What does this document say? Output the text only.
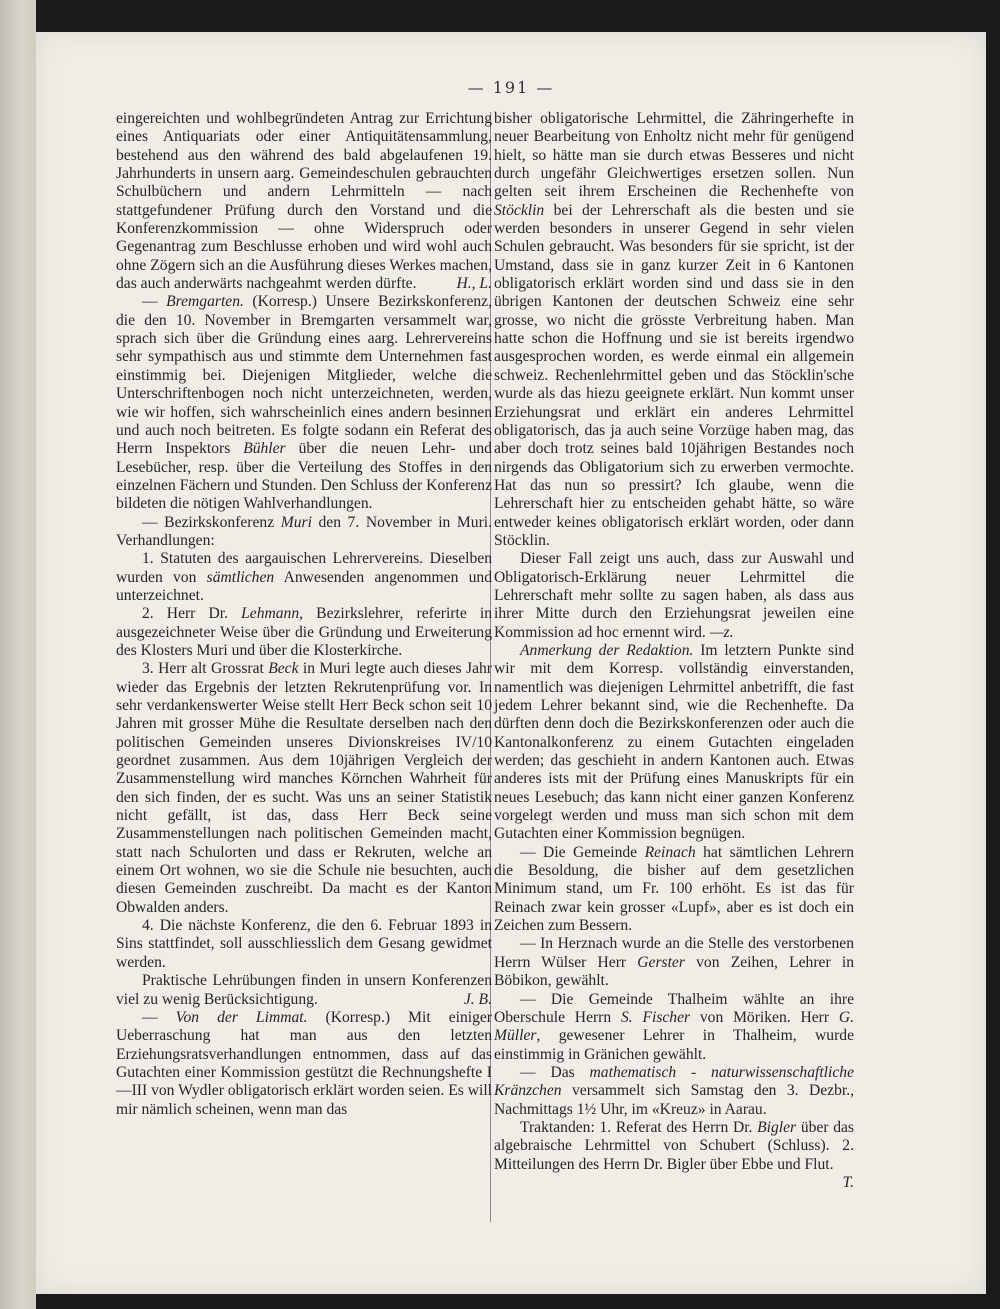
— 191 —

eingereichten und wohlbegründeten Antrag zur Errichtung eines Antiquariats oder einer Antiquitätensammlung, bestehend aus den während des bald abgelaufenen 19. Jahrhunderts in unsern aarg. Gemeindeschulen gebrauchten Schulbüchern und andern Lehrmitteln — nach stattgefundener Prüfung durch den Vorstand und die Konferenzkommission — ohne Widerspruch oder Gegenantrag zum Beschlusse erhoben und wird wohl auch ohne Zögern sich an die Ausführung dieses Werkes machen, das auch anderwärts nachgeahmt werden dürfte.	H., L.

— Bremgarten. (Korresp.) Unsere Bezirkskonferenz, die den 10. November in Bremgarten versammelt war, sprach sich über die Gründung eines aarg. Lehrervereins sehr sympathisch aus und stimmte dem Unternehmen fast einstimmig bei. Diejenigen Mitglieder, welche die Unterschriftenbogen noch nicht unterzeichneten, werden, wie wir hoffen, sich wahrscheinlich eines andern besinnen und auch noch beitreten. Es folgte sodann ein Referat des Herrn Inspektors Bühler über die neuen Lehr- und Lesebücher, resp. über die Verteilung des Stoffes in den einzelnen Fächern und Stunden. Den Schluss der Konferenz bildeten die nötigen Wahlverhandlungen.

— Bezirkskonferenz Muri den 7. November in Muri. Verhandlungen:

1. Statuten des aargauischen Lehrervereins. Dieselben wurden von sämtlichen Anwesenden angenommen und unterzeichnet.

2. Herr Dr. Lehmann, Bezirkslehrer, referirte in ausgezeichneter Weise über die Gründung und Erweiterung des Klosters Muri und über die Klosterkirche.

3. Herr alt Grossrat Beck in Muri legte auch dieses Jahr wieder das Ergebnis der letzten Rekrutenprüfung vor. In sehr verdankenswerter Weise stellt Herr Beck schon seit 10 Jahren mit grosser Mühe die Resultate derselben nach den politischen Gemeinden unseres Divionskreises IV/10 geordnet zusammen. Aus dem 10jährigen Vergleich der Zusammenstellung wird manches Körnchen Wahrheit für den sich finden, der es sucht. Was uns an seiner Statistik nicht gefällt, ist das, dass Herr Beck seine Zusammenstellungen nach politischen Gemeinden macht, statt nach Schulorten und dass er Rekruten, welche an einem Ort wohnen, wo sie die Schule nie besuchten, auch diesen Gemeinden zuschreibt. Da macht es der Kanton Obwalden anders.

4. Die nächste Konferenz, die den 6. Februar 1893 in Sins stattfindet, soll ausschliesslich dem Gesang gewidmet werden.

Praktische Lehrübungen finden in unsern Konferenzen viel zu wenig Berücksichtigung.	J. B.

— Von der Limmat. (Korresp.) Mit einiger Ueberraschung hat man aus den letzten Erziehungsratsverhandlungen entnommen, dass auf das Gutachten einer Kommission gestützt die Rechnungshefte I—III von Wydler obligatorisch erklärt worden seien. Es will mir nämlich scheinen, wenn man das

bisher obligatorische Lehrmittel, die Zähringerhefte in neuer Bearbeitung von Enholtz nicht mehr für genügend hielt, so hätte man sie durch etwas Besseres und nicht durch ungefähr Gleichwertiges ersetzen sollen. Nun gelten seit ihrem Erscheinen die Rechenhefte von Stöcklin bei der Lehrerschaft als die besten und sie werden besonders in unserer Gegend in sehr vielen Schulen gebraucht. Was besonders für sie spricht, ist der Umstand, dass sie in ganz kurzer Zeit in 6 Kantonen obligatorisch erklärt worden sind und dass sie in den übrigen Kantonen der deutschen Schweiz eine sehr grosse, wo nicht die grösste Verbreitung haben. Man hatte schon die Hoffnung und sie ist bereits irgendwo ausgesprochen worden, es werde einmal ein allgemein schweiz. Rechenlehrmittel geben und das Stöcklin'sche wurde als das hiezu geeignete erklärt. Nun kommt unser Erziehungsrat und erklärt ein anderes Lehrmittel obligatorisch, das ja auch seine Vorzüge haben mag, das aber doch trotz seines bald 10jährigen Bestandes noch nirgends das Obligatorium sich zu erwerben vermochte. Hat das nun so pressirt? Ich glaube, wenn die Lehrerschaft hier zu entscheiden gehabt hätte, so wäre entweder keines obligatorisch erklärt worden, oder dann Stöcklin.

Dieser Fall zeigt uns auch, dass zur Auswahl und Obligatorisch-Erklärung neuer Lehrmittel die Lehrerschaft mehr sollte zu sagen haben, als dass aus ihrer Mitte durch den Erziehungsrat jeweilen eine Kommission ad hoc ernennt wird. —z.

Anmerkung der Redaktion. Im letztern Punkte sind wir mit dem Korresp. vollständig einverstanden, namentlich was diejenigen Lehrmittel anbetrifft, die fast jedem Lehrer bekannt sind, wie die Rechenhefte. Da dürften denn doch die Bezirkskonferenzen oder auch die Kantonalkonferenz zu einem Gutachten eingeladen werden; das geschieht in andern Kantonen auch. Etwas anderes ists mit der Prüfung eines Manuskripts für ein neues Lesebuch; das kann nicht einer ganzen Konferenz vorgelegt werden und muss man sich schon mit dem Gutachten einer Kommission begnügen.

— Die Gemeinde Reinach hat sämtlichen Lehrern die Besoldung, die bisher auf dem gesetzlichen Minimum stand, um Fr. 100 erhöht. Es ist das für Reinach zwar kein grosser «Lupf», aber es ist doch ein Zeichen zum Bessern.

— In Herznach wurde an die Stelle des verstorbenen Herrn Wülser Herr Gerster von Zeihen, Lehrer in Böbikon, gewählt.

— Die Gemeinde Thalheim wählte an ihre Oberschule Herrn S. Fischer von Möriken. Herr G. Müller, gewesener Lehrer in Thalheim, wurde einstimmig in Gränichen gewählt.

— Das mathematisch - naturwissenschaftliche Kränzchen versammelt sich Samstag den 3. Dezbr., Nachmittags 1½ Uhr, im «Kreuz» in Aarau.

Traktanden: 1. Referat des Herrn Dr. Bigler über das algebraische Lehrmittel von Schubert (Schluss). 2. Mitteilungen des Herrn Dr. Bigler über Ebbe und Flut.
T.
